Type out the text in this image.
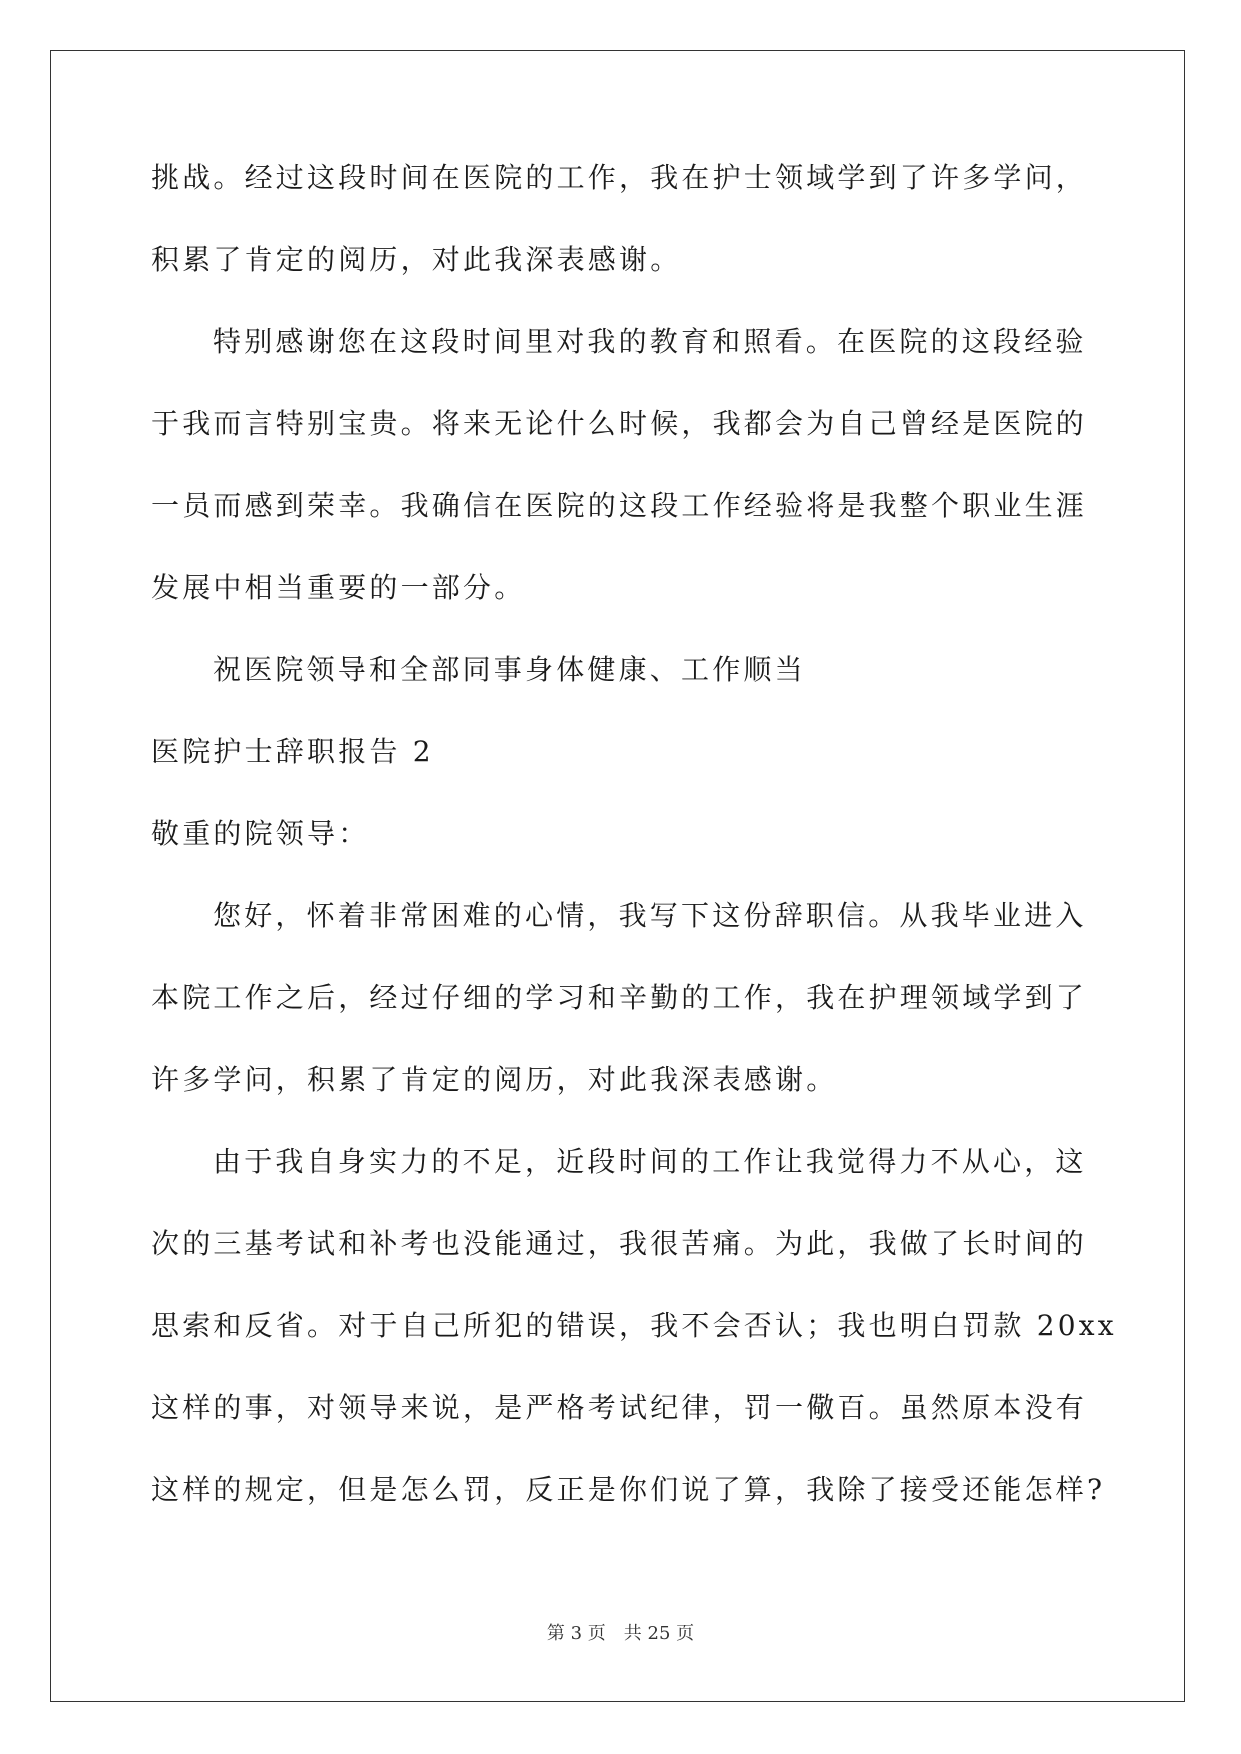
挑战。经过这段时间在医院的工作，我在护士领域学到了许多学问，

积累了肯定的阅历，对此我深表感谢。

特别感谢您在这段时间里对我的教育和照看。在医院的这段经验

于我而言特别宝贵。将来无论什么时候，我都会为自己曾经是医院的

一员而感到荣幸。我确信在医院的这段工作经验将是我整个职业生涯

发展中相当重要的一部分。

祝医院领导和全部同事身体健康、工作顺当

医院护士辞职报告 2

敬重的院领导：

您好，怀着非常困难的心情，我写下这份辞职信。从我毕业进入

本院工作之后，经过仔细的学习和辛勤的工作，我在护理领域学到了

许多学问，积累了肯定的阅历，对此我深表感谢。

由于我自身实力的不足，近段时间的工作让我觉得力不从心，这

次的三基考试和补考也没能通过，我很苦痛。为此，我做了长时间的

思索和反省。对于自己所犯的错误，我不会否认；我也明白罚款 20xx

这样的事，对领导来说，是严格考试纪律，罚一儆百。虽然原本没有

这样的规定，但是怎么罚，反正是你们说了算，我除了接受还能怎样?

第 3 页　共 25 页
